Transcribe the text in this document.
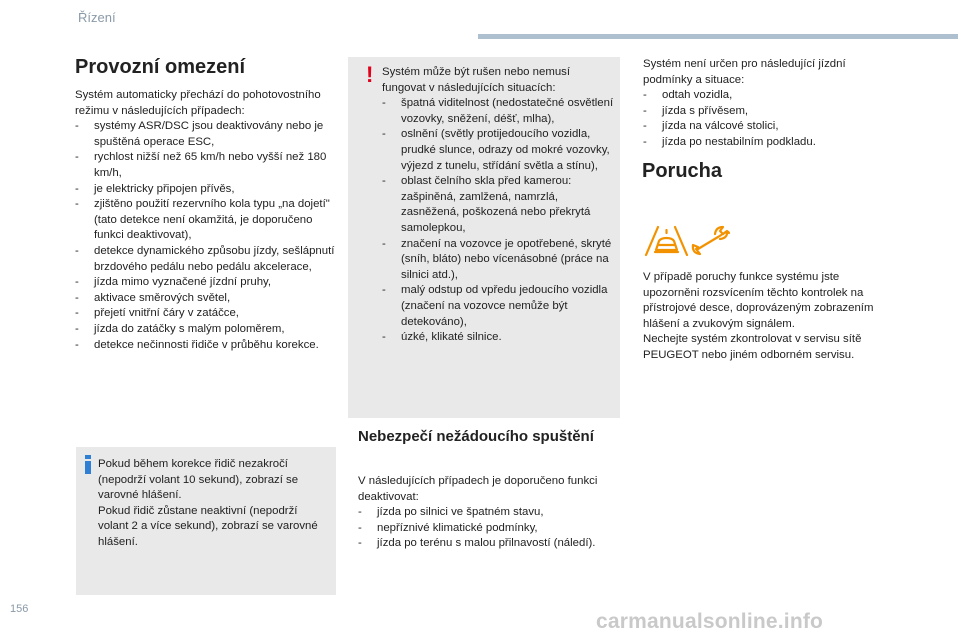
Řízení
Provozní omezení

Systém automaticky přechází do pohotovostního režimu v následujících případech:

- systémy ASR/DSC jsou deaktivovány nebo je spuštěná operace ESC,
- rychlost nižší než 65 km/h nebo vyšší než 180 km/h,
- je elektricky připojen přívěs,
- zjištěno použití rezervního kola typu „na dojetí" (tato detekce není okamžitá, je doporučeno funkci deaktivovat),
- detekce dynamického způsobu jízdy, sešlápnutí brzdového pedálu nebo pedálu akcelerace,
- jízda mimo vyznačené jízdní pruhy,
- aktivace směrových světel,
- přejetí vnitřní čáry v zatáčce,
- jízda do zatáčky s malým poloměrem,
- detekce nečinnosti řidiče v průběhu korekce.

Pokud během korekce řidič nezakročí (nepodrží volant 10 sekund), zobrazí se varovné hlášení.

Pokud řidič zůstane neaktivní (nepodrží volant 2 a více sekund), zobrazí se varovné hlášení.

! Systém může být rušen nebo nemusí fungovat v následujících situacích:

- špatná viditelnost (nedostatečné osvětlení vozovky, sněžení, déšť, mlha),
- oslnění (světly protijedoucího vozidla, prudké slunce, odrazy od mokré vozovky, výjezd z tunelu, střídání světla a stínu),
- oblast čelního skla před kamerou: zašpiněná, zamlžená, namrzlá, zasněžená, poškozená nebo překrytá samolepkou,
- značení na vozovce je opotřebené, skryté (sníh, bláto) nebo vícenásobné (práce na silnici atd.),
- malý odstup od vpředu jedoucího vozidla (značení na vozovce nemůže být detekováno),
- úzké, klikaté silnice.
Nebezpečí nežádoucího spuštění

V následujících případech je doporučeno funkci deaktivovat:

- jízda po silnici ve špatném stavu,
- nepříznivé klimatické podmínky,
- jízda po terénu s malou přilnavostí (náledí).

Systém není určen pro následující jízdní podmínky a situace:

- odtah vozidla,
- jízda s přívěsem,
- jízda na válcové stolici,
- jízda po nestabilním podkladu.
Porucha

V případě poruchy funkce systému jste upozorněni rozsvícením těchto kontrolek na přístrojové desce, doprovázeným zobrazením hlášení a zvukovým signálem.

Nechejte systém zkontrolovat v servisu sítě PEUGEOT nebo jiném odborném servisu.

156
carmanualsonline.info
